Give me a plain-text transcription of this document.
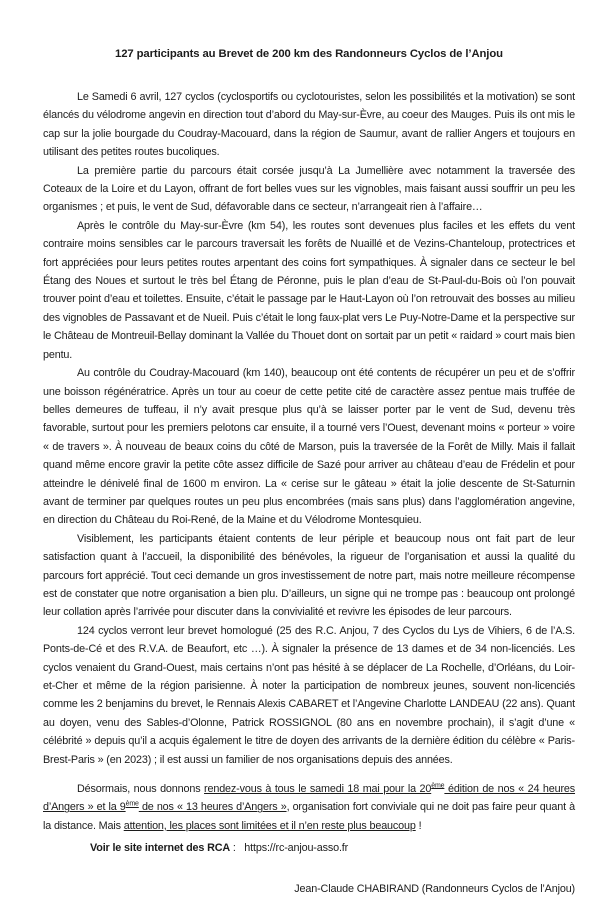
127 participants au Brevet de 200 km des Randonneurs Cyclos de l’Anjou

Le Samedi 6 avril, 127 cyclos (cyclosportifs ou cyclotouristes, selon les possibilités et la motivation) se sont élancés du vélodrome angevin en direction tout d’abord du May-sur-Èvre, au coeur des Mauges. Puis ils ont mis le cap sur la jolie bourgade du Coudray-Macouard, dans la région de Saumur, avant de rallier Angers et toujours en utilisant des petites routes bucoliques.

La première partie du parcours était corsée jusqu’à La Jumellière avec notamment la traversée des Coteaux de la Loire et du Layon, offrant de fort belles vues sur les vignobles, mais faisant aussi souffrir un peu les organismes ; et puis, le vent de Sud, défavorable dans ce secteur, n’arrangeait rien à l’affaire…

Après le contrôle du May-sur-Èvre (km 54), les routes sont devenues plus faciles et les effets du vent contraire moins sensibles car le parcours traversait les forêts de Nuaillé et de Vezins-Chanteloup, protectrices et fort appréciées pour leurs petites routes arpentant des coins fort sympathiques. À signaler dans ce secteur le bel Étang des Noues et surtout le très bel Étang de Péronne, puis le plan d’eau de St-Paul-du-Bois où l’on pouvait trouver point d’eau et toilettes. Ensuite, c’était le passage par le Haut-Layon où l’on retrouvait des bosses au milieu des vignobles de Passavant et de Nueil. Puis c’était le long faux-plat vers Le Puy-Notre-Dame et la perspective sur le Château de Montreuil-Bellay dominant la Vallée du Thouet dont on sortait par un petit « raidard » court mais bien pentu.

Au contrôle du Coudray-Macouard (km 140), beaucoup ont été contents de récupérer un peu et de s’offrir une boisson régénératrice. Après un tour au coeur de cette petite cité de caractère assez pentue mais truffée de belles demeures de tuffeau, il n’y avait presque plus qu’à se laisser porter par le vent de Sud, devenu très favorable, surtout pour les premiers pelotons car ensuite, il a tourné vers l’Ouest, devenant moins « porteur » voire « de travers ». À nouveau de beaux coins du côté de Marson, puis la traversée de la Forêt de Milly. Mais il fallait quand même encore gravir la petite côte assez difficile de Sazé pour arriver au château d’eau de Frédelin et pour atteindre le dénivelé final de 1600 m environ. La « cerise sur le gâteau » était la jolie descente de St-Saturnin avant de terminer par quelques routes un peu plus encombrées (mais sans plus) dans l’agglomération angevine, en direction du Château du Roi-René, de la Maine et du Vélodrome Montesquieu.

Visiblement, les participants étaient contents de leur périple et beaucoup nous ont fait part de leur satisfaction quant à l’accueil, la disponibilité des bénévoles, la rigueur de l’organisation et aussi la qualité du parcours fort apprécié. Tout ceci demande un gros investissement de notre part, mais notre meilleure récompense est de constater que notre organisation a bien plu. D’ailleurs, un signe qui ne trompe pas : beaucoup ont prolongé leur collation après l’arrivée pour discuter dans la convivialité et revivre les épisodes de leur parcours.

124 cyclos verront leur brevet homologué (25 des R.C. Anjou, 7 des Cyclos du Lys de Vihiers, 6 de l’A.S. Ponts-de-Cé et des R.V.A. de Beaufort, etc …). À signaler la présence de 13 dames et de 34 non-licenciés. Les cyclos venaient du Grand-Ouest, mais certains n’ont pas hésité à se déplacer de La Rochelle, d’Orléans, du Loir-et-Cher et même de la région parisienne. À noter la participation de nombreux jeunes, souvent non-licenciés comme les 2 benjamins du brevet, le Rennais Alexis CABARET et l’Angevine Charlotte LANDEAU (22 ans). Quant au doyen, venu des Sables-d’Olonne, Patrick ROSSIGNOL (80 ans en novembre prochain), il s’agit d’une « célébrité » depuis qu’il a acquis également le titre de doyen des arrivants de la dernière édition du célèbre « Paris-Brest-Paris » (en 2023) ; il est aussi un familier de nos organisations depuis des années.

Désormais, nous donnons rendez-vous à tous le samedi 18 mai pour la 20ème édition de nos « 24 heures d’Angers » et la 9ème de nos « 13 heures d’Angers », organisation fort conviviale qui ne doit pas faire peur quant à la distance. Mais attention, les places sont limitées et il n’en reste plus beaucoup !

Voir le site internet des RCA :   https://rc-anjou-asso.fr
Jean-Claude CHABIRAND (Randonneurs Cyclos de l’Anjou)
